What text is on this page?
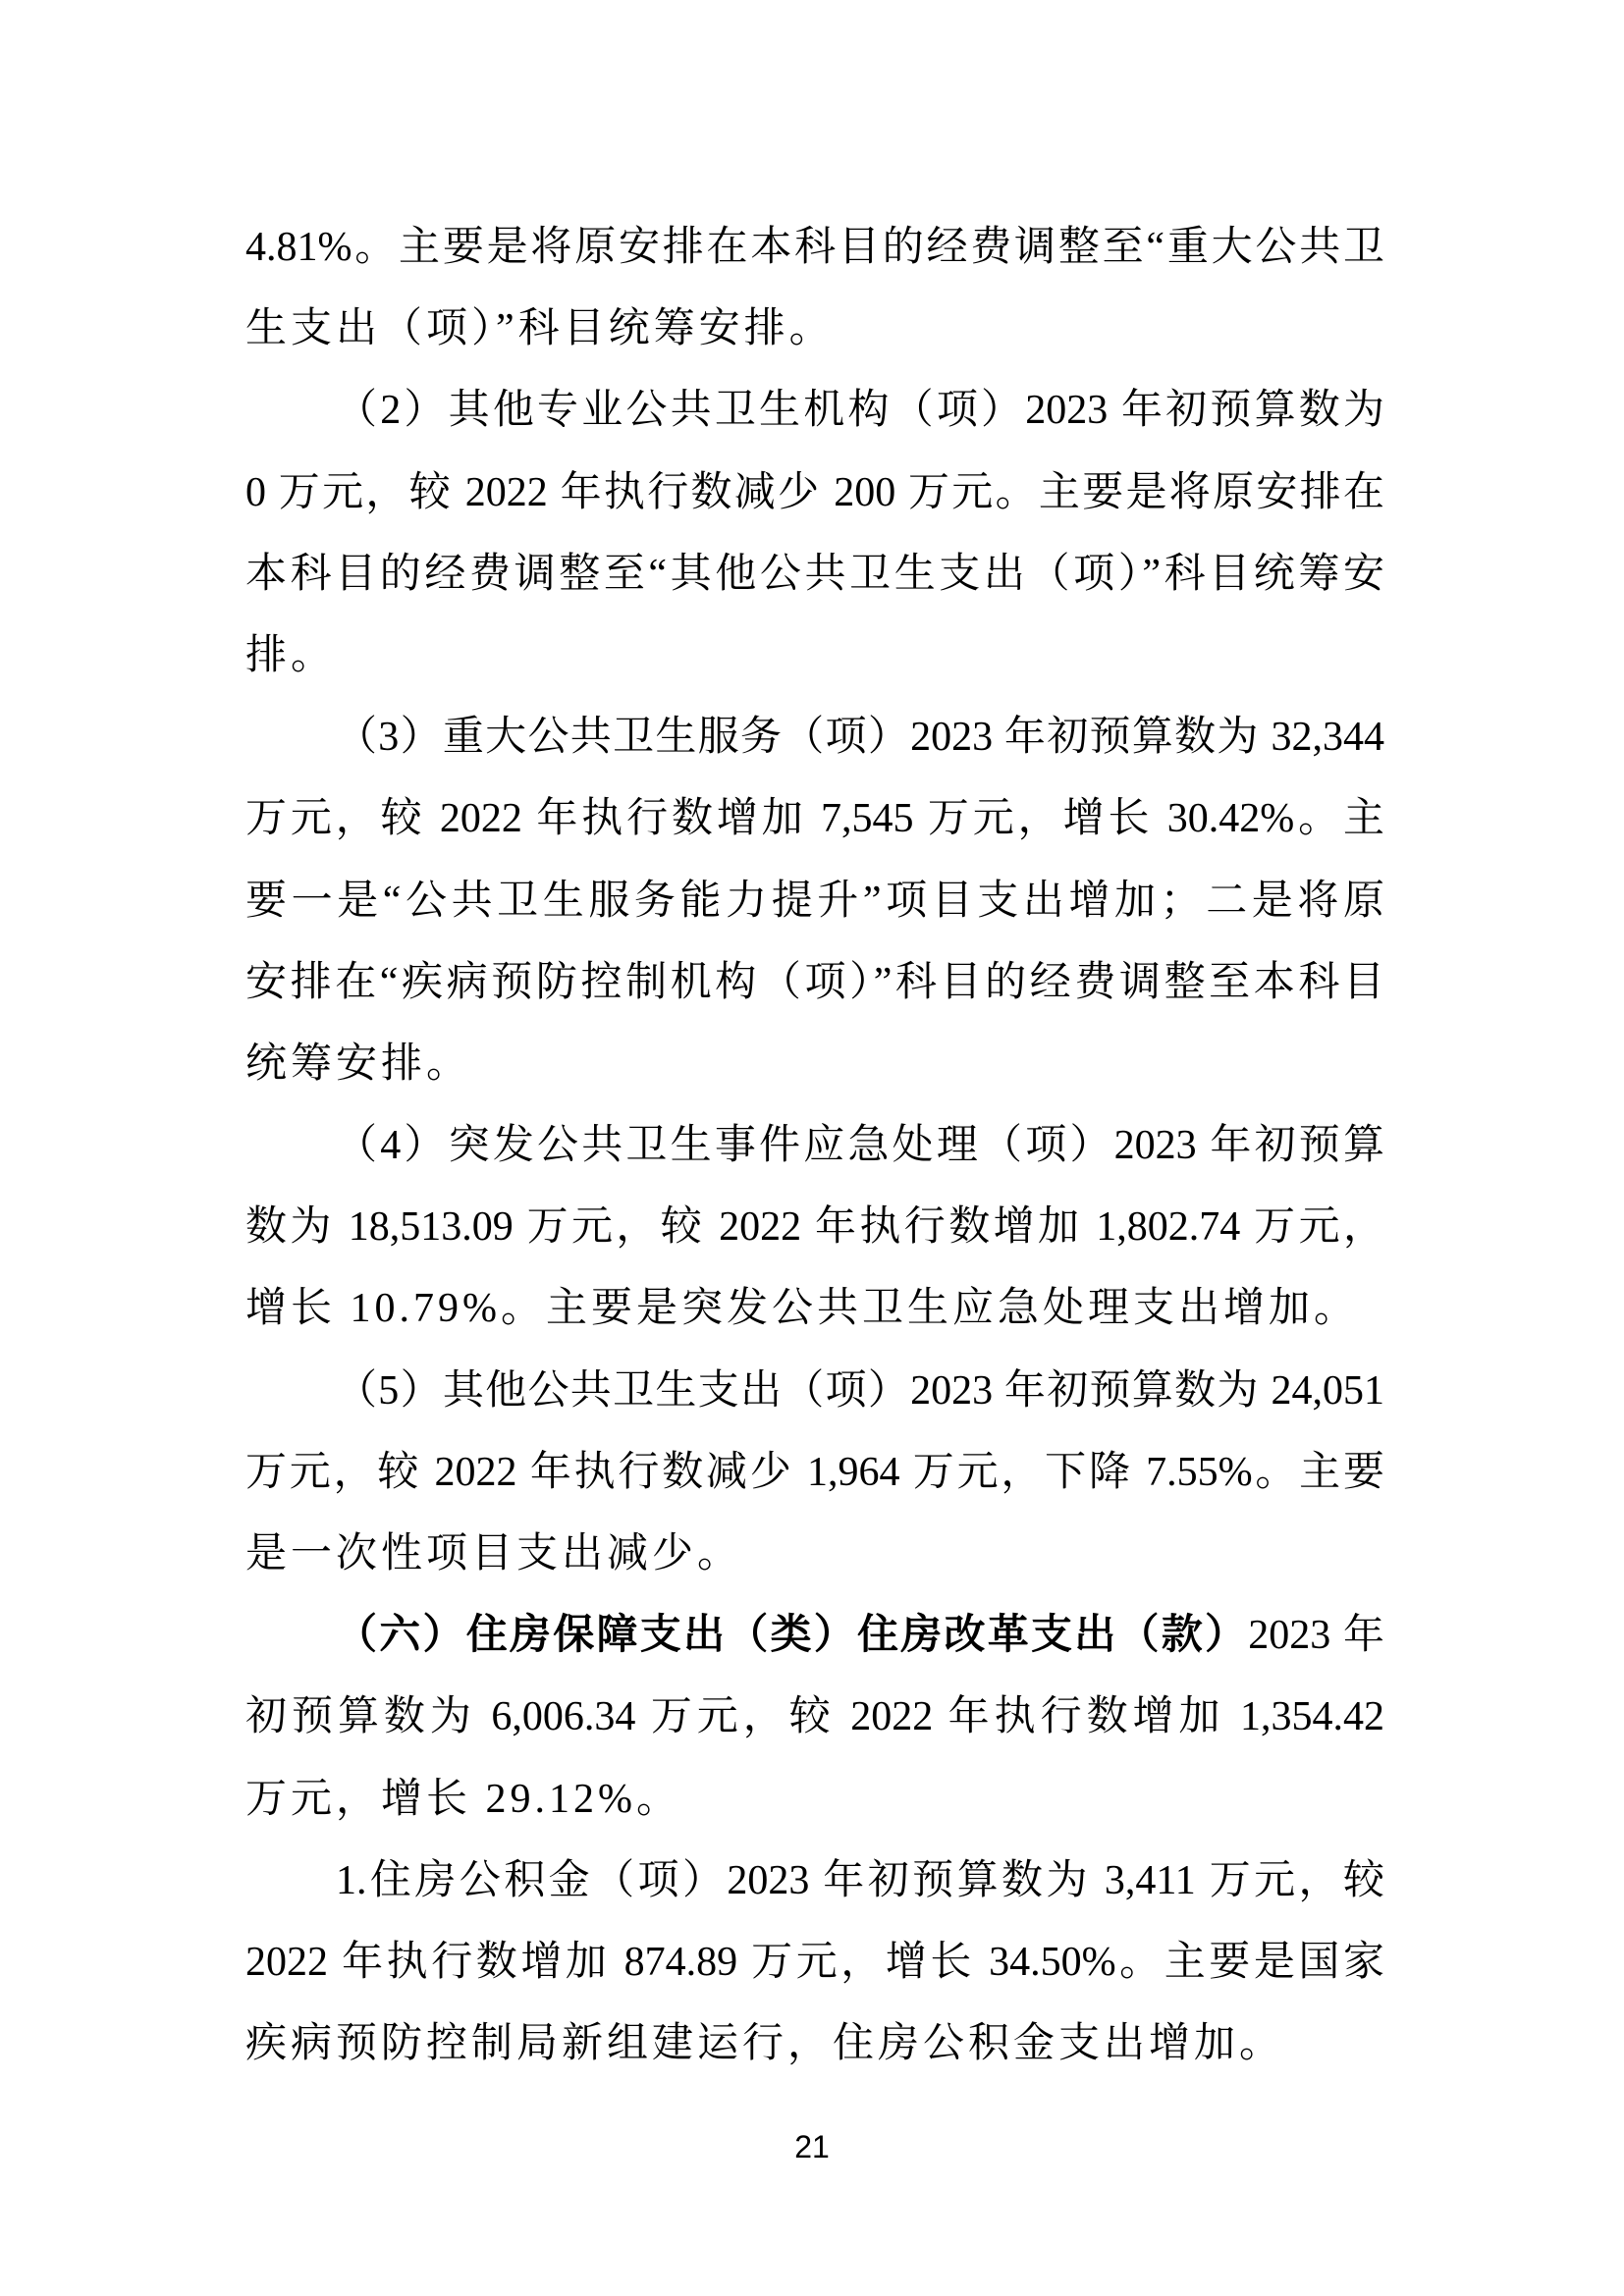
4.81%。主要是将原安排在本科目的经费调整至“重大公共卫
生支出（项）”科目统筹安排。
（2）其他专业公共卫生机构（项）2023 年初预算数为
0 万元，较 2022 年执行数减少 200 万元。主要是将原安排在
本科目的经费调整至“其他公共卫生支出（项）”科目统筹安
排。
（3）重大公共卫生服务（项）2023 年初预算数为 32,344
万元，较 2022 年执行数增加 7,545 万元，增长 30.42%。主
要一是“公共卫生服务能力提升”项目支出增加；二是将原
安排在“疾病预防控制机构（项）”科目的经费调整至本科目
统筹安排。
（4）突发公共卫生事件应急处理（项）2023 年初预算
数为 18,513.09 万元，较 2022 年执行数增加 1,802.74 万元，
增长 10.79%。主要是突发公共卫生应急处理支出增加。
（5）其他公共卫生支出（项）2023 年初预算数为 24,051
万元，较 2022 年执行数减少 1,964 万元，下降 7.55%。主要
是一次性项目支出减少。
（六）住房保障支出（类）住房改革支出（款）2023 年
初预算数为 6,006.34 万元，较 2022 年执行数增加 1,354.42
万元，增长 29.12%。
1.住房公积金（项）2023 年初预算数为 3,411 万元，较
2022 年执行数增加 874.89 万元，增长 34.50%。主要是国家
疾病预防控制局新组建运行，住房公积金支出增加。
21
